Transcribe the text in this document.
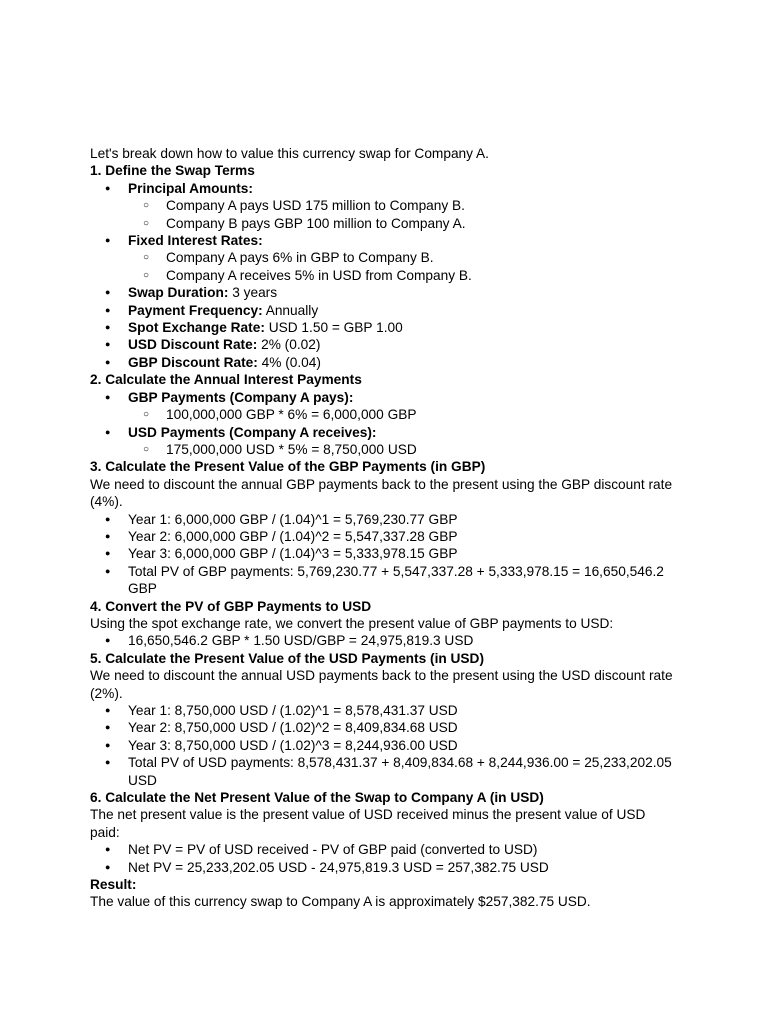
Let's break down how to value this currency swap for Company A.

1. Define the Swap Terms

● Principal Amounts:
○ Company A pays USD 175 million to Company B.
○ Company B pays GBP 100 million to Company A.
● Fixed Interest Rates:
○ Company A pays 6% in GBP to Company B.
○ Company A receives 5% in USD from Company B.
● Swap Duration: 3 years
● Payment Frequency: Annually
● Spot Exchange Rate: USD 1.50 = GBP 1.00
● USD Discount Rate: 2% (0.02)
● GBP Discount Rate: 4% (0.04)

2. Calculate the Annual Interest Payments

● GBP Payments (Company A pays):
○ 100,000,000 GBP * 6% = 6,000,000 GBP
● USD Payments (Company A receives):
○ 175,000,000 USD * 5% = 8,750,000 USD

3. Calculate the Present Value of the GBP Payments (in GBP)

We need to discount the annual GBP payments back to the present using the GBP discount rate

(4%).

● Year 1: 6,000,000 GBP / (1.04)^1 = 5,769,230.77 GBP
● Year 2: 6,000,000 GBP / (1.04)^2 = 5,547,337.28 GBP
● Year 3: 6,000,000 GBP / (1.04)^3 = 5,333,978.15 GBP
● Total PV of GBP payments: 5,769,230.77 + 5,547,337.28 + 5,333,978.15 = 16,650,546.2
GBP

4. Convert the PV of GBP Payments to USD

Using the spot exchange rate, we convert the present value of GBP payments to USD:

● 16,650,546.2 GBP * 1.50 USD/GBP = 24,975,819.3 USD

5. Calculate the Present Value of the USD Payments (in USD)

We need to discount the annual USD payments back to the present using the USD discount rate

(2%).

● Year 1: 8,750,000 USD / (1.02)^1 = 8,578,431.37 USD
● Year 2: 8,750,000 USD / (1.02)^2 = 8,409,834.68 USD
● Year 3: 8,750,000 USD / (1.02)^3 = 8,244,936.00 USD
● Total PV of USD payments: 8,578,431.37 + 8,409,834.68 + 8,244,936.00 = 25,233,202.05
USD

6. Calculate the Net Present Value of the Swap to Company A (in USD)

The net present value is the present value of USD received minus the present value of USD

paid:

● Net PV = PV of USD received - PV of GBP paid (converted to USD)
● Net PV = 25,233,202.05 USD - 24,975,819.3 USD = 257,382.75 USD

Result:

The value of this currency swap to Company A is approximately $257,382.75 USD.
